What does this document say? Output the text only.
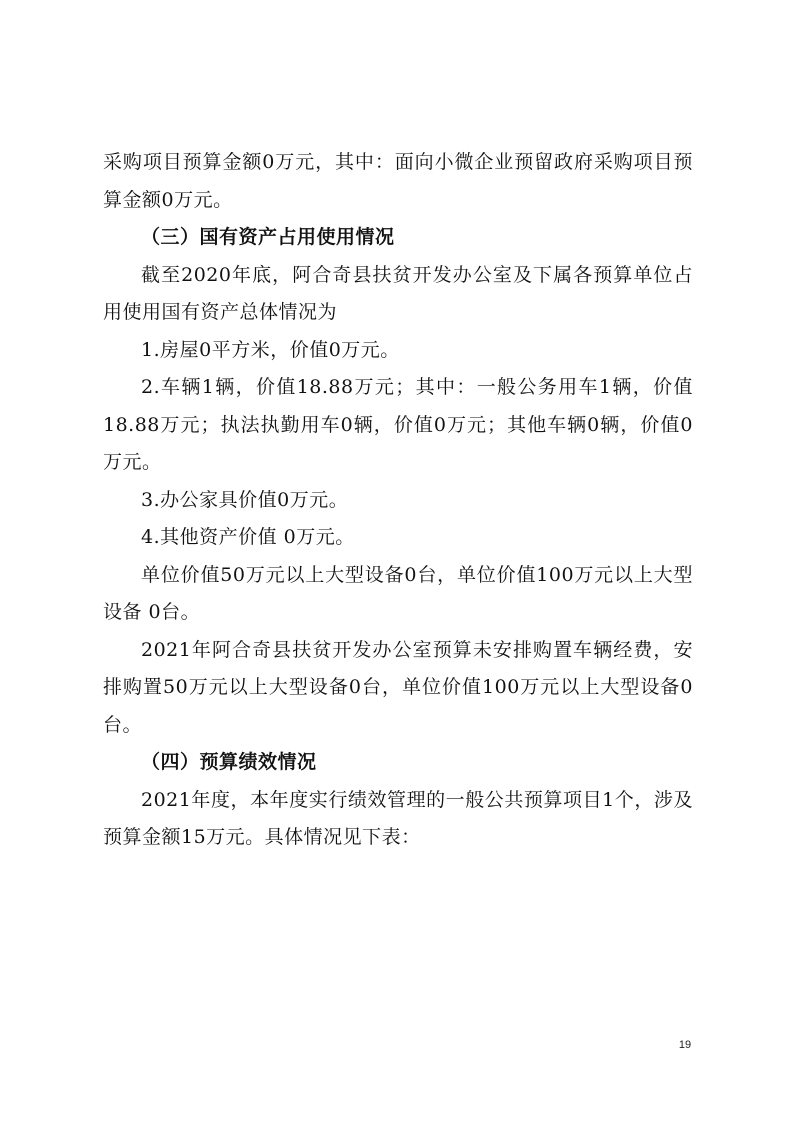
采购项目预算金额0万元，其中：面向小微企业预留政府采购项目预算金额0万元。

（三）国有资产占用使用情况

截至2020年底，阿合奇县扶贫开发办公室及下属各预算单位占用使用国有资产总体情况为

1.房屋0平方米，价值0万元。

2.车辆1辆，价值18.88万元；其中：一般公务用车1辆，价值18.88万元；执法执勤用车0辆，价值0万元；其他车辆0辆，价值0万元。

3.办公家具价值0万元。

4.其他资产价值 0万元。

单位价值50万元以上大型设备0台，单位价值100万元以上大型设备 0台。

2021年阿合奇县扶贫开发办公室预算未安排购置车辆经费，安排购置50万元以上大型设备0台，单位价值100万元以上大型设备0台。

（四）预算绩效情况

2021年度，本年度实行绩效管理的一般公共预算项目1个，涉及预算金额15万元。具体情况见下表：

19
